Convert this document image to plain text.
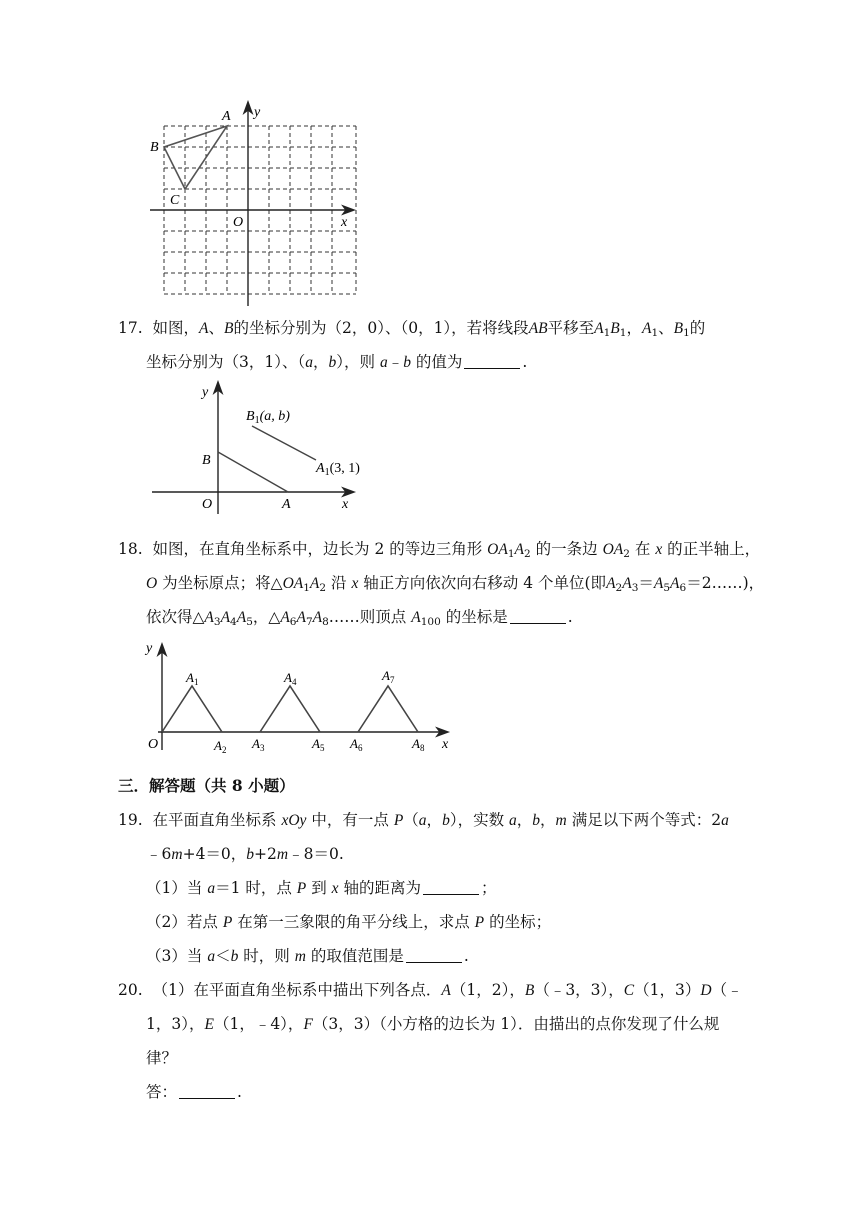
A y
B
C
O	x
17. 如图，A、B的坐标分别为（2，0）、（0，1），若将线段AB平移至$A_1B_1$，$A_1$、$B_1$的
坐标分别为（3，1）、（a，b），则 a﹣b 的值为	.
y
$B_1(a$, b)
B
$A_1(3$, 1)
O	A	x
18. 如图，在直角坐标系中，边长为 2 的等边三角形 $OA_1A_2$ 的一条边 $OA_2$ 在 x 的正半轴上，
O 为坐标原点；将$\triangle OA_1A_2$ 沿 x 轴正方向依次向右移动 4 个单位(即$A_2A_3=A_5A_6=2\dots\dots$)，
依次得$\triangle A_3A_4A_5$，$\triangle A_6A_7A_8\dots\dots$则顶点 $A_{100}$ 的坐标是	.
y
O	x
$A_1$
$A_2$ $A_3$
$A_4$
$A_5$ $A_6$
$A_7$
$A_8$
三．解答题（共 8 小题）
19. 在平面直角坐标系 xOy 中，有一点 P（a，b），实数 a，b，m 满足以下两个等式：2a
﹣6m+4＝0，b+2m﹣8＝0.
（1）当 a＝1 时，点 P 到 x 轴的距离为	；
（2）若点 P 在第一三象限的角平分线上，求点 P 的坐标；
（3）当 a＜b 时，则 m 的取值范围是	.
20. （1）在平面直角坐标系中描出下列各点．A（1，2），B（﹣3，3），C（1，3）D（﹣
1，3），E（1，﹣4），F（3，3）（小方格的边长为 1）．由描出的点你发现了什么规
律？
答：	.
